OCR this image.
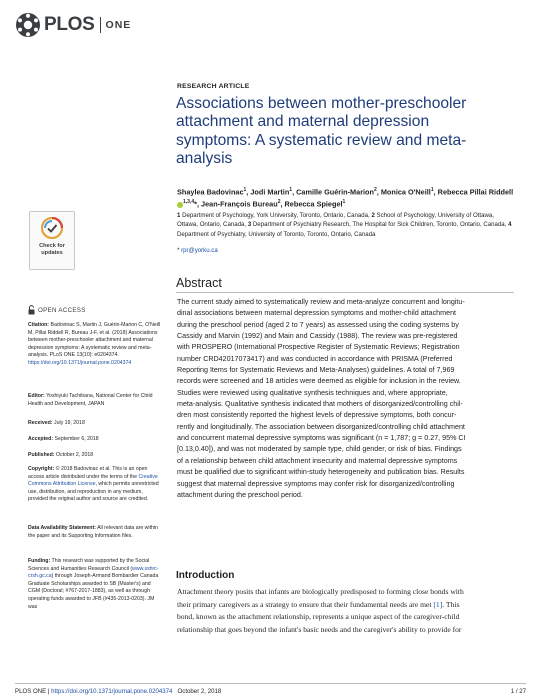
PLOS ONE
RESEARCH ARTICLE
Associations between mother-preschooler attachment and maternal depression symptoms: A systematic review and meta-analysis
Shaylea Badovinac$^1$, Jodi Martin$^1$, Camille Guérin-Marion$^2$, Monica O'Neill$^1$, Rebecca Pillai Riddell$^{1,3,4}$*, Jean-François Bureau$^2$, Rebecca Spiegel$^1$
1 Department of Psychology, York University, Toronto, Ontario, Canada, 2 School of Psychology, University of Ottawa, Ottawa, Ontario, Canada, 3 Department of Psychiatry Research, The Hospital for Sick Children, Toronto, Ontario, Canada, 4 Department of Psychiatry, University of Toronto, Toronto, Ontario, Canada
* rpr@yorku.ca
Check for
updates
OPEN ACCESS
Citation: Badovinac S, Martin J, Guérin-Marion C, O'Neill M, Pillai Riddell R, Bureau J-F, et al. (2018) Associations between mother-preschooler attachment and maternal depression symptoms: A systematic review and meta-analysis. PLoS ONE 13(10): e0204374. https://doi.org/10.1371/journal.pone.0204374
Editor: Yoshiyuki Tachibana, National Center for Child Health and Development, JAPAN
Received: July 19, 2018
Accepted: September 6, 2018
Published: October 2, 2018
Copyright: © 2018 Badovinac et al. This is an open access article distributed under the terms of the Creative Commons Attribution License, which permits unrestricted use, distribution, and reproduction in any medium, provided the original author and source are credited.
Data Availability Statement: All relevant data are within the paper and its Supporting Information files.
Funding: This research was supported by the Social Sciences and Humanities Research Council (www.sshrc-crsh.gc.ca) through Joseph-Armand Bombardier Canada Graduate Scholarships awarded to SB (Master's) and CGM (Doctoral; #767-2017-1883), as well as through operating funds awarded to JFB (#435-2013-0203). JM was
Abstract
The current study aimed to systematically review and meta-analyze concurrent and longitu-
dinal associations between maternal depression symptoms and mother-child attachment
during the preschool period (aged 2 to 7 years) as assessed using the coding systems by
Cassidy and Marvin (1992) and Main and Cassidy (1988). The review was pre-registered
with PROSPERO (International Prospective Register of Systematic Reviews; Registration
number CRD42017073417) and was conducted in accordance with PRISMA (Preferred
Reporting Items for Systematic Reviews and Meta-Analyses) guidelines. A total of 7,969
records were screened and 18 articles were deemed as eligible for inclusion in the review.
Studies were reviewed using qualitative synthesis techniques and, where appropriate,
meta-analysis. Qualitative synthesis indicated that mothers of disorganized/controlling chil-
dren most consistently reported the highest levels of depressive symptoms, both concur-
rently and longitudinally. The association between disorganized/controlling child attachment
and concurrent maternal depressive symptoms was significant (n = 1,787; g = 0.27, 95% CI
[0.13,0.40]), and was not moderated by sample type, child gender, or risk of bias. Findings
of a relationship between child attachment insecurity and maternal depressive symptoms
must be qualified due to significant within-study heterogeneity and publication bias. Results
suggest that maternal depressive symptoms may confer risk for disorganized/controlling
attachment during the preschool period.
Introduction
Attachment theory posits that infants are biologically predisposed to forming close bonds with
their primary caregivers as a strategy to ensure that their fundamental needs are met [1]. This
bond, known as the attachment relationship, represents a unique aspect of the caregiver-child
relationship that goes beyond the infant's basic needs and the caregiver's ability to provide for
PLOS ONE | https://doi.org/10.1371/journal.pone.0204374 October 2, 2018	1 / 27
